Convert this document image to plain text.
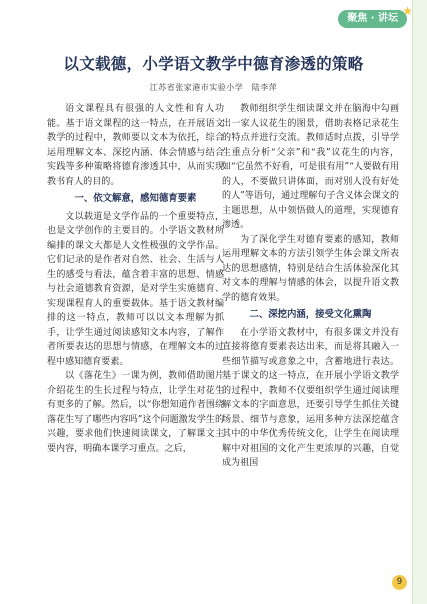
聚焦 · 讲坛
★
以文载德，小学语文教学中德育渗透的策略
江苏省张家港市实验小学　陆李萍

语文课程具有很强的人文性和育人功能。基于语文课程的这一特点，在开展语文教学的过程中，教师要以文本为依托，综合运用理解文本、深挖内涵、体会情感与结合实践等多种策略将德育渗透其中，从而实现教书育人的目的。

一、依文解意，感知德育要素

文以载道是文学作品的一个重要特点，也是文学创作的主要目的。小学语文教材所编排的课文大都是人文性极强的文学作品。它们记录的是作者对自然、社会、生活与人生的感受与看法，蕴含着丰富的思想、情感与社会道德教育资源，是对学生实施德育、实现课程育人的重要载体。基于语文教材编排的这一特点，教师可以以文本理解为抓手，让学生通过阅读感知文本内容，了解作者所要表达的思想与情感，在理解文本的过程中感知德育要素。

以《落花生》一课为例，教师借助图片介绍花生的生长过程与特点，让学生对花生有更多的了解。然后，以“你想知道作者围绕落花生写了哪些内容吗”这个问题激发学生的兴趣，要求他们快速阅读课文，了解课文主要内容，明确本课学习重点。之后，

教师组织学生细读课文并在脑海中勾画出一家人议花生的图景，借助表格记录花生的特点并进行交流。教师适时点拨，引导学生重点分析“父亲”和“我”议花生的内容，如“它虽然不好看，可是很有用”“人要做有用的人，不要做只讲体面，而对别人没有好处的人”等语句，通过理解句子含义体会课文的主题思想，从中领悟做人的道理，实现德育渗透。

为了深化学生对德育要素的感知，教师运用理解文本的方法引领学生体会课文所表达的思想感情，特别是结合生活体验深化其对文本的理解与情感的体会，以提升语文教学的德育效果。

二、深挖内涵，接受文化熏陶

在小学语文教材中，有很多课文并没有直接将德育要素表达出来，而是将其融入一些细节描写或意象之中，含蓄地进行表达。基于课文的这一特点，在开展小学语文教学的过程中，教师不仅要组织学生通过阅读理解文本的字面意思，还要引导学生抓住关键场景、细节与意象，运用多种方法深挖蕴含其中的中华优秀传统文化，让学生在阅读理解中对祖国的文化产生更浓厚的兴趣，自觉成为祖国

9
